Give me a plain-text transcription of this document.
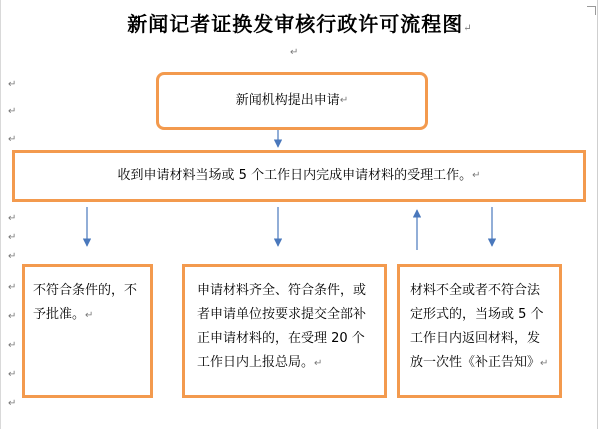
新闻记者证换发审核行政许可流程图↵
↵
↵
↵
↵
↵
↵
↵
↵
↵
↵
↵
↵
新闻机构提出申请 ↵
收到申请材料当场或 5 个工作日内完成申请材料的受理工作。 ↵
不符合条件的，不予批准。↵
申请材料齐全、符合条件，或者申请单位按要求提交全部补正申请材料的，在受理 20 个工作日内上报总局。↵
材料不全或者不符合法定形式的，当场或 5 个工作日内返回材料，发放一次性《补正告知》↵
